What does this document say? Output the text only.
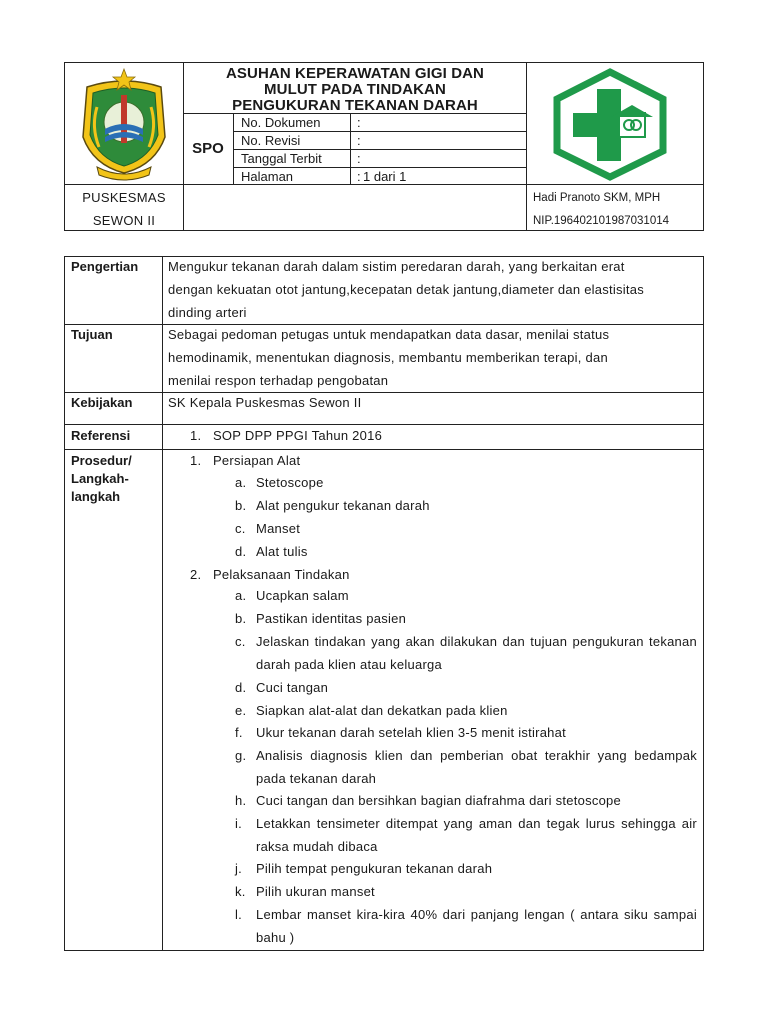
ASUHAN KEPERAWATAN GIGI DAN
MULUT PADA TINDAKAN
PENGUKURAN TEKANAN DARAH
SPO
No. Dokumen	:
No. Revisi	:
Tanggal Terbit	:
Halaman	: 1 dari 1
PUSKESMAS
SEWON II
Hadi Pranoto SKM, MPH
NIP.196402101987031014
Pengertian Mengukur tekanan darah dalam sistim peredaran darah, yang berkaitan erat
dengan kekuatan otot jantung,kecepatan detak jantung,diameter dan elastisitas
dinding arteri
Tujuan	Sebagai pedoman petugas untuk mendapatkan data dasar, menilai status
hemodinamik, menentukan diagnosis, membantu memberikan terapi, dan
menilai respon terhadap pengobatan
Kebijakan	SK Kepala Puskesmas Sewon II
Referensi	1. SOP DPP PPGI Tahun 2016
Prosedur/
Langkah-
langkah
1. Persiapan Alat
a. Stetoscope
b. Alat pengukur tekanan darah
c. Manset
d. Alat tulis
2. Pelaksanaan Tindakan
a. Ucapkan salam
b. Pastikan identitas pasien
c. Jelaskan tindakan yang akan dilakukan dan tujuan pengukuran tekanan darah pada klien atau keluarga
d. Cuci tangan
e. Siapkan alat-alat dan dekatkan pada klien
f. Ukur tekanan darah setelah klien 3-5 menit istirahat
g. Analisis diagnosis klien dan pemberian obat terakhir yang bedampak pada tekanan darah
h. Cuci tangan dan bersihkan bagian diafrahma dari stetoscope
i. Letakkan tensimeter ditempat yang aman dan tegak lurus sehingga air raksa mudah dibaca
j. Pilih tempat pengukuran tekanan darah
k. Pilih ukuran manset
l. Lembar manset kira-kira 40% dari panjang lengan ( antara siku sampai bahu )
